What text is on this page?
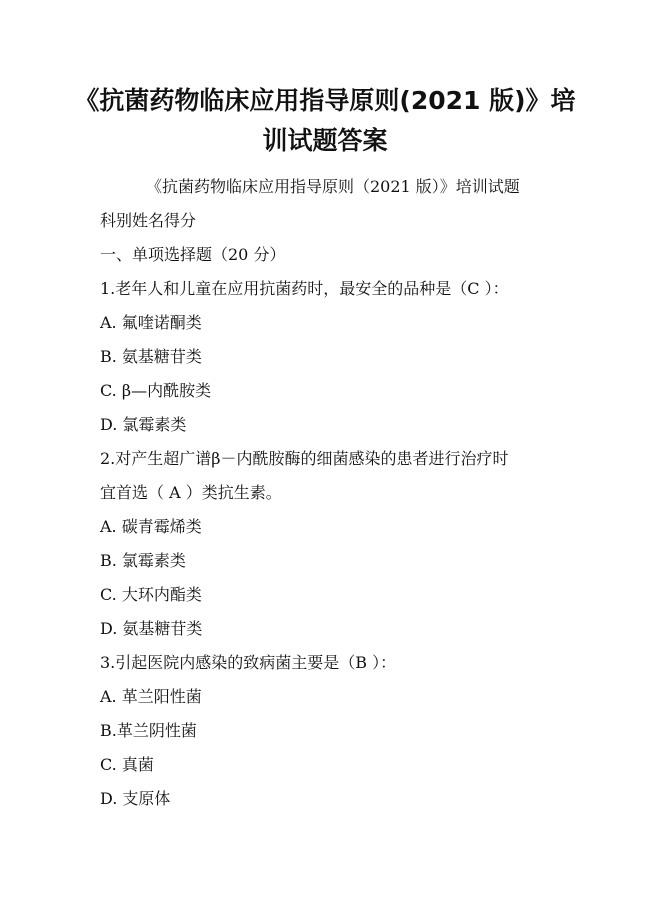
《抗菌药物临床应用指导原则(2021 版)》培
训试题答案

《抗菌药物临床应用指导原则（2021 版）》培训试题

科别姓名得分

一、单项选择题（20 分）

1.老年人和儿童在应用抗菌药时，最安全的品种是（C ）：

A. 氟喹诺酮类

B. 氨基糖苷类

C. β—内酰胺类

D. 氯霉素类

2.对产生超广谱β－内酰胺酶的细菌感染的患者进行治疗时

宜首选（ A ）类抗生素。

A. 碳青霉烯类

B. 氯霉素类

C. 大环内酯类

D. 氨基糖苷类

3.引起医院内感染的致病菌主要是（B ）：

A. 革兰阳性菌

B.革兰阴性菌

C. 真菌

D. 支原体
